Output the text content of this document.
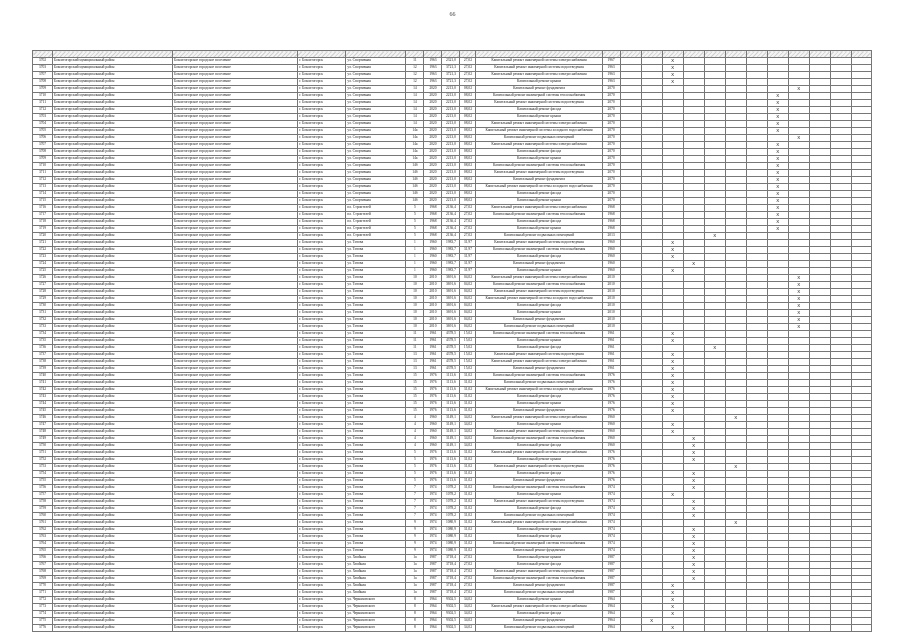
66

3702	Бокситогорский муниципальный район	Бокситогорское городское поселение	г. Бокситогорск	ул. Спортивная	11	1963	2321,0	27,02	Капитальный ремонт инженерной системы электроснабжения	1967			X									
3703	Бокситогорский муниципальный район	Бокситогорское городское поселение	г. Бокситогорск	ул. Спортивная	12	1963	3721,3	27,02	Капитальный ремонт инженерной системы водоотведения	1963			X									
3707	Бокситогорский муниципальный район	Бокситогорское городское поселение	г. Бокситогорск	ул. Спортивная	12	1963	3721,3	27,02	Капитальный ремонт инженерной системы электроснабжения	1963			X									
3708	Бокситогорский муниципальный район	Бокситогорское городское поселение	г. Бокситогорск	ул. Спортивная	12	1963	3721,3	27,02	Капитальный ремонт крыши	1963			X									
3709	Бокситогорский муниципальный район	Бокситогорское городское поселение	г. Бокситогорск	ул. Спортивная	14	2020	2213,0	08,02	Капитальный ремонт фундамента	2070									X			
3710	Бокситогорский муниципальный район	Бокситогорское городское поселение	г. Бокситогорск	ул. Спортивная	14	2020	2213,0	08,02	Капитальный ремонт инженерной системы теплоснабжения	2070								X				
3711	Бокситогорский муниципальный район	Бокситогорское городское поселение	г. Бокситогорск	ул. Спортивная	14	2020	2213,0	08,02	Капитальный ремонт инженерной системы водоотведения	2070								X				
3712	Бокситогорский муниципальный район	Бокситогорское городское поселение	г. Бокситогорск	ул. Спортивная	14	2020	2213,0	08,02	Капитальный ремонт фасада	2070								X				
3703	Бокситогорский муниципальный район	Бокситогорское городское поселение	г. Бокситогорск	ул. Спортивная	14	2020	2213,0	08,02	Капитальный ремонт крыши	2070								X				
3704	Бокситогорский муниципальный район	Бокситогорское городское поселение	г. Бокситогорск	ул. Спортивная	14	2020	2213,0	08,02	Капитальный ремонт инженерной системы электроснабжения	2070								X				
3705	Бокситогорский муниципальный район	Бокситогорское городское поселение	г. Бокситогорск	ул. Спортивная	14а	2020	2213,0	08,02	Капитальный ремонт инженерной системы холодного водоснабжения	2070								X				
3706	Бокситогорский муниципальный район	Бокситогорское городское поселение	г. Бокситогорск	ул. Спортивная	14а	2020	2213,0	08,02	Капитальный ремонт подвальных помещений	2070									X			
3707	Бокситогорский муниципальный район	Бокситогорское городское поселение	г. Бокситогорск	ул. Спортивная	14а	2020	2213,0	08,02	Капитальный ремонт инженерной системы электроснабжения	2070								X				
3708	Бокситогорский муниципальный район	Бокситогорское городское поселение	г. Бокситогорск	ул. Спортивная	14а	2020	2213,0	08,02	Капитальный ремонт фасада	2070								X				
3709	Бокситогорский муниципальный район	Бокситогорское городское поселение	г. Бокситогорск	ул. Спортивная	14а	2020	2213,0	08,02	Капитальный ремонт крыши	2070								X				
3710	Бокситогорский муниципальный район	Бокситогорское городское поселение	г. Бокситогорск	ул. Спортивная	14б	2020	2213,0	08,02	Капитальный ремонт инженерной системы теплоснабжения	2070								X				
3711	Бокситогорский муниципальный район	Бокситогорское городское поселение	г. Бокситогорск	ул. Спортивная	14б	2020	2213,0	08,02	Капитальный ремонт инженерной системы водоотведения	2070								X				
3712	Бокситогорский муниципальный район	Бокситогорское городское поселение	г. Бокситогорск	ул. Спортивная	14б	2020	2213,0	08,02	Капитальный ремонт фундамента	2070								X				
3713	Бокситогорский муниципальный район	Бокситогорское городское поселение	г. Бокситогорск	ул. Спортивная	14б	2020	2213,0	08,02	Капитальный ремонт инженерной системы холодного водоснабжения	2070								X				
3714	Бокситогорский муниципальный район	Бокситогорское городское поселение	г. Бокситогорск	ул. Спортивная	14б	2020	2213,0	08,02	Капитальный ремонт фасада	2070								X				
3715	Бокситогорский муниципальный район	Бокситогорское городское поселение	г. Бокситогорск	ул. Спортивная	14б	2020	2213,0	08,02	Капитальный ремонт крыши	2070								X				
3716	Бокситогорский муниципальный район	Бокситогорское городское поселение	г. Бокситогорск	пл. Строителей	5	1968	2136,4	27,02	Капитальный ремонт инженерной системы электроснабжения	1968								X				
3717	Бокситогорский муниципальный район	Бокситогорское городское поселение	г. Бокситогорск	пл. Строителей	5	1968	2136,4	27,02	Капитальный ремонт инженерной системы теплоснабжения	1968								X				
3718	Бокситогорский муниципальный район	Бокситогорское городское поселение	г. Бокситогорск	пл. Строителей	5	1968	2136,4	27,02	Капитальный ремонт фасада	1968								X				
3719	Бокситогорский муниципальный район	Бокситогорское городское поселение	г. Бокситогорск	пл. Строителей	5	1968	2136,4	27,02	Капитальный ремонт крыши	1968								X				
3720	Бокситогорский муниципальный район	Бокситогорское городское поселение	г. Бокситогорск	пл. Строителей	5	1968	2136,4	27,02	Капитальный ремонт подвальных помещений	2013					X							
3721	Бокситогорский муниципальный район	Бокситогорское городское поселение	г. Бокситогорск	ул. Титова	1	1960	1983,7	31,97	Капитальный ремонт инженерной системы водоотведения	1960			X									
3722	Бокситогорский муниципальный район	Бокситогорское городское поселение	г. Бокситогорск	ул. Титова	1	1960	1983,7	31,97	Капитальный ремонт инженерной системы теплоснабжения	1960			X									
3723	Бокситогорский муниципальный район	Бокситогорское городское поселение	г. Бокситогорск	ул. Титова	1	1960	1983,7	31,97	Капитальный ремонт фасада	1960			X									
3724	Бокситогорский муниципальный район	Бокситогорское городское поселение	г. Бокситогорск	ул. Титова	1	1960	1983,7	31,97	Капитальный ремонт фундамента	1960				X								
3725	Бокситогорский муниципальный район	Бокситогорское городское поселение	г. Бокситогорск	ул. Титова	1	1960	1983,7	31,97	Капитальный ремонт крыши	1960			X									
3726	Бокситогорский муниципальный район	Бокситогорское городское поселение	г. Бокситогорск	ул. Титова	10	2010	3691,6	04,02	Капитальный ремонт инженерной системы электроснабжения	2010									X			
3727	Бокситогорский муниципальный район	Бокситогорское городское поселение	г. Бокситогорск	ул. Титова	10	2010	3691,6	04,02	Капитальный ремонт инженерной системы теплоснабжения	2010									X			
3728	Бокситогорский муниципальный район	Бокситогорское городское поселение	г. Бокситогорск	ул. Титова	10	2010	3691,6	04,02	Капитальный ремонт инженерной системы водоотведения	2010									X			
3729	Бокситогорский муниципальный район	Бокситогорское городское поселение	г. Бокситогорск	ул. Титова	10	2010	3691,6	04,02	Капитальный ремонт инженерной системы холодного водоснабжения	2010									X			
3730	Бокситогорский муниципальный район	Бокситогорское городское поселение	г. Бокситогорск	ул. Титова	10	2010	3691,6	04,02	Капитальный ремонт фасада	2010									X			
3731	Бокситогорский муниципальный район	Бокситогорское городское поселение	г. Бокситогорск	ул. Титова	10	2010	3691,6	04,02	Капитальный ремонт крыши	2010									X			
3732	Бокситогорский муниципальный район	Бокситогорское городское поселение	г. Бокситогорск	ул. Титова	10	2010	3691,6	04,02	Капитальный ремонт фундамента	2010									X			
3733	Бокситогорский муниципальный район	Бокситогорское городское поселение	г. Бокситогорск	ул. Титова	10	2010	3691,6	04,02	Капитальный ремонт подвальных помещений	2010									X			
3734	Бокситогорский муниципальный район	Бокситогорское городское поселение	г. Бокситогорск	ул. Титова	11	1961	4378,5	15,02	Капитальный ремонт инженерной системы теплоснабжения	1961			X									
3735	Бокситогорский муниципальный район	Бокситогорское городское поселение	г. Бокситогорск	ул. Титова	11	1961	4378,5	15,02	Капитальный ремонт крыши	1961			X									
3736	Бокситогорский муниципальный район	Бокситогорское городское поселение	г. Бокситогорск	ул. Титова	11	1961	4378,5	15,02	Капитальный ремонт фасада	1961					X							
3737	Бокситогорский муниципальный район	Бокситогорское городское поселение	г. Бокситогорск	ул. Титова	13	1961	4378,5	15,02	Капитальный ремонт инженерной системы водоотведения	1961			X									
3738	Бокситогорский муниципальный район	Бокситогорское городское поселение	г. Бокситогорск	ул. Титова	13	1961	4378,5	15,02	Капитальный ремонт инженерной системы электроснабжения	1961			X									
3739	Бокситогорский муниципальный район	Бокситогорское городское поселение	г. Бокситогорск	ул. Титова	13	1961	4378,5	15,02	Капитальный ремонт фундамента	1961			X									
3740	Бокситогорский муниципальный район	Бокситогорское городское поселение	г. Бокситогорск	ул. Титова	15	1976	1113,6	31,02	Капитальный ремонт инженерной системы теплоснабжения	1976			X									
3741	Бокситогорский муниципальный район	Бокситогорское городское поселение	г. Бокситогорск	ул. Титова	15	1976	1113,6	31,02	Капитальный ремонт подвальных помещений	1976			X									
3742	Бокситогорский муниципальный район	Бокситогорское городское поселение	г. Бокситогорск	ул. Титова	15	1976	1113,6	31,02	Капитальный ремонт инженерной системы холодного водоснабжения	1976			X									
3743	Бокситогорский муниципальный район	Бокситогорское городское поселение	г. Бокситогорск	ул. Титова	15	1976	1113,6	31,02	Капитальный ремонт фасада	1976			X									
3744	Бокситогорский муниципальный район	Бокситогорское городское поселение	г. Бокситогорск	ул. Титова	15	1976	1113,6	31,02	Капитальный ремонт крыши	1976			X									
3745	Бокситогорский муниципальный район	Бокситогорское городское поселение	г. Бокситогорск	ул. Титова	15	1976	1113,6	31,02	Капитальный ремонт фундамента	1976			X									
3746	Бокситогорский муниципальный район	Бокситогорское городское поселение	г. Бокситогорск	ул. Титова	4	1960	3149,1	34,02	Капитальный ремонт инженерной системы электроснабжения	1960						X						
3747	Бокситогорский муниципальный район	Бокситогорское городское поселение	г. Бокситогорск	ул. Титова	4	1960	3149,1	34,02	Капитальный ремонт крыши	1960			X									
3748	Бокситогорский муниципальный район	Бокситогорское городское поселение	г. Бокситогорск	ул. Титова	4	1960	3149,1	34,02	Капитальный ремонт инженерной системы водоотведения	1960			X									
3749	Бокситогорский муниципальный район	Бокситогорское городское поселение	г. Бокситогорск	ул. Титова	4	1960	3149,1	34,02	Капитальный ремонт инженерной системы теплоснабжения	1960				X								
3750	Бокситогорский муниципальный район	Бокситогорское городское поселение	г. Бокситогорск	ул. Титова	4	1960	3149,1	34,02	Капитальный ремонт фасада	1960				X								
3751	Бокситогорский муниципальный район	Бокситогорское городское поселение	г. Бокситогорск	ул. Титова	5	1976	1113,6	31,02	Капитальный ремонт инженерной системы электроснабжения	1976				X								
3752	Бокситогорский муниципальный район	Бокситогорское городское поселение	г. Бокситогорск	ул. Титова	5	1976	1113,6	31,02	Капитальный ремонт крыши	1976				X								
3753	Бокситогорский муниципальный район	Бокситогорское городское поселение	г. Бокситогорск	ул. Титова	5	1976	1113,6	31,02	Капитальный ремонт инженерной системы водоотведения	1976						X						
3754	Бокситогорский муниципальный район	Бокситогорское городское поселение	г. Бокситогорск	ул. Титова	5	1976	1113,6	31,02	Капитальный ремонт фасада	1976				X								
3755	Бокситогорский муниципальный район	Бокситогорское городское поселение	г. Бокситогорск	ул. Титова	5	1976	1113,6	31,02	Капитальный ремонт фундамента	1976				X								
3756	Бокситогорский муниципальный район	Бокситогорское городское поселение	г. Бокситогорск	ул. Титова	7	1974	1078,2	31,02	Капитальный ремонт инженерной системы теплоснабжения	1974				X								
3757	Бокситогорский муниципальный район	Бокситогорское городское поселение	г. Бокситогорск	ул. Титова	7	1974	1078,2	31,02	Капитальный ремонт крыши	1974			X									
3758	Бокситогорский муниципальный район	Бокситогорское городское поселение	г. Бокситогорск	ул. Титова	7	1974	1078,2	31,02	Капитальный ремонт инженерной системы водоотведения	1974				X								
3759	Бокситогорский муниципальный район	Бокситогорское городское поселение	г. Бокситогорск	ул. Титова	7	1974	1078,2	31,02	Капитальный ремонт фасада	1974				X								
3760	Бокситогорский муниципальный район	Бокситогорское городское поселение	г. Бокситогорск	ул. Титова	7	1974	1078,2	31,02	Капитальный ремонт подвальных помещений	1974				X								
3761	Бокситогорский муниципальный район	Бокситогорское городское поселение	г. Бокситогорск	ул. Титова	9	1974	1080,9	31,02	Капитальный ремонт инженерной системы электроснабжения	1974						X						
3762	Бокситогорский муниципальный район	Бокситогорское городское поселение	г. Бокситогорск	ул. Титова	9	1974	1080,9	31,02	Капитальный ремонт крыши	1974				X								
3763	Бокситогорский муниципальный район	Бокситогорское городское поселение	г. Бокситогорск	ул. Титова	9	1974	1080,9	31,02	Капитальный ремонт фасада	1974				X								
3764	Бокситогорский муниципальный район	Бокситогорское городское поселение	г. Бокситогорск	ул. Титова	9	1974	1080,9	31,02	Капитальный ремонт инженерной системы теплоснабжения	1974				X								
3765	Бокситогорский муниципальный район	Бокситогорское городское поселение	г. Бокситогорск	ул. Титова	9	1974	1080,9	31,02	Капитальный ремонт фундамента	1974				X								
3766	Бокситогорский муниципальный район	Бокситогорское городское поселение	г. Бокситогорск	ул. Хвойная	1а	1987	3718,4	27,02	Капитальный ремонт крыши	1987				X								
3767	Бокситогорский муниципальный район	Бокситогорское городское поселение	г. Бокситогорск	ул. Хвойная	1а	1987	3718,4	27,02	Капитальный ремонт фасада	1987				X								
3768	Бокситогорский муниципальный район	Бокситогорское городское поселение	г. Бокситогорск	ул. Хвойная	1а	1987	3718,4	27,02	Капитальный ремонт инженерной системы водоотведения	1987				X								
3769	Бокситогорский муниципальный район	Бокситогорское городское поселение	г. Бокситогорск	ул. Хвойная	1а	1987	3718,4	27,02	Капитальный ремонт инженерной системы теплоснабжения	1987				X								
3770	Бокситогорский муниципальный район	Бокситогорское городское поселение	г. Бокситогорск	ул. Хвойная	1а	1987	3718,4	27,02	Капитальный ремонт фундамента	1987			X									
3771	Бокситогорский муниципальный район	Бокситогорское городское поселение	г. Бокситогорск	ул. Хвойная	1а	1987	3718,4	27,02	Капитальный ремонт подвальных помещений	1987			X									
3772	Бокситогорский муниципальный район	Бокситогорское городское поселение	г. Бокситогорск	ул. Черняховского	8	1964	9302,5	34,02	Капитальный ремонт крыши	1964			X									
3773	Бокситогорский муниципальный район	Бокситогорское городское поселение	г. Бокситогорск	ул. Черняховского	8	1964	9302,5	34,02	Капитальный ремонт инженерной системы электроснабжения	1964			X									
3774	Бокситогорский муниципальный район	Бокситогорское городское поселение	г. Бокситогорск	ул. Черняховского	8	1964	9302,5	34,02	Капитальный ремонт фасада	1964			X									
3775	Бокситогорский муниципальный район	Бокситогорское городское поселение	г. Бокситогорск	ул. Черняховского	8	1964	9302,5	34,02	Капитальный ремонт фундамента	1964		X										
3776	Бокситогорский муниципальный район	Бокситогорское городское поселение	г. Бокситогорск	ул. Черняховского	8	1964	9302,5	34,02	Капитальный ремонт подвальных помещений	1964			X									
